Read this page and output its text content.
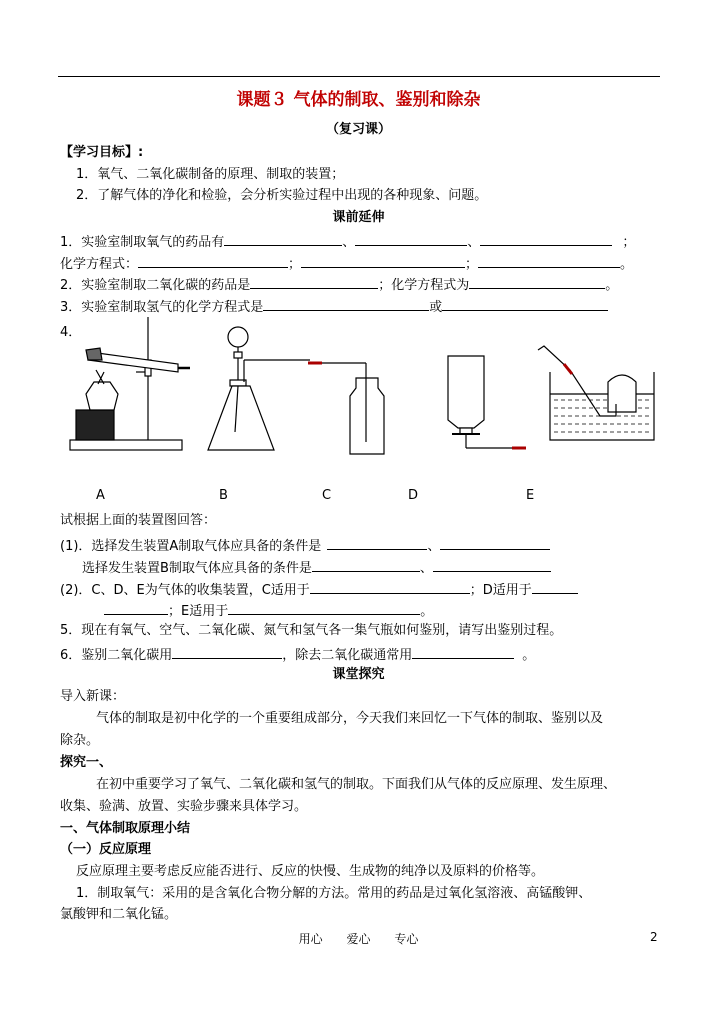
课题３ 气体的制取、鉴别和除杂
（复习课）
【学习目标】:
1．氧气、二氧化碳制备的原理、制取的装置；
2．了解气体的净化和检验，会分析实验过程中出现的各种现象、问题。
课前延伸
1．实验室制取氧气的药品有	、	、	；
化学方程式：	；	；	。
2．实验室制取二氧化碳的药品是	；化学方程式为	。
3．实验室制取氢气的化学方程式是	或
4．
A	B	C	D	E
试根据上面的装置图回答：
(1)．选择发生装置A制取气体应具备的条件是	、
选择发生装置B制取气体应具备的条件是	、
(2)．C、D、E为气体的收集装置，C适用于	；D适用于
；E适用于	。
5．现在有氧气、空气、二氧化碳、氮气和氢气各一集气瓶如何鉴别，请写出鉴别过程。
6．鉴别二氧化碳用	，除去二氧化碳通常用	。
课堂探究
导入新课：
气体的制取是初中化学的一个重要组成部分，今天我们来回忆一下气体的制取、鉴别以及
除杂。
探究一、
在初中重要学习了氧气、二氧化碳和氢气的制取。下面我们从气体的反应原理、发生原理、
收集、验满、放置、实验步骤来具体学习。
一、气体制取原理小结
（一）反应原理
反应原理主要考虑反应能否进行、反应的快慢、生成物的纯净以及原料的价格等。
1．制取氧气：采用的是含氧化合物分解的方法。常用的药品是过氧化氢溶液、高锰酸钾、
氯酸钾和二氧化锰。
用心 爱心 专心	2
